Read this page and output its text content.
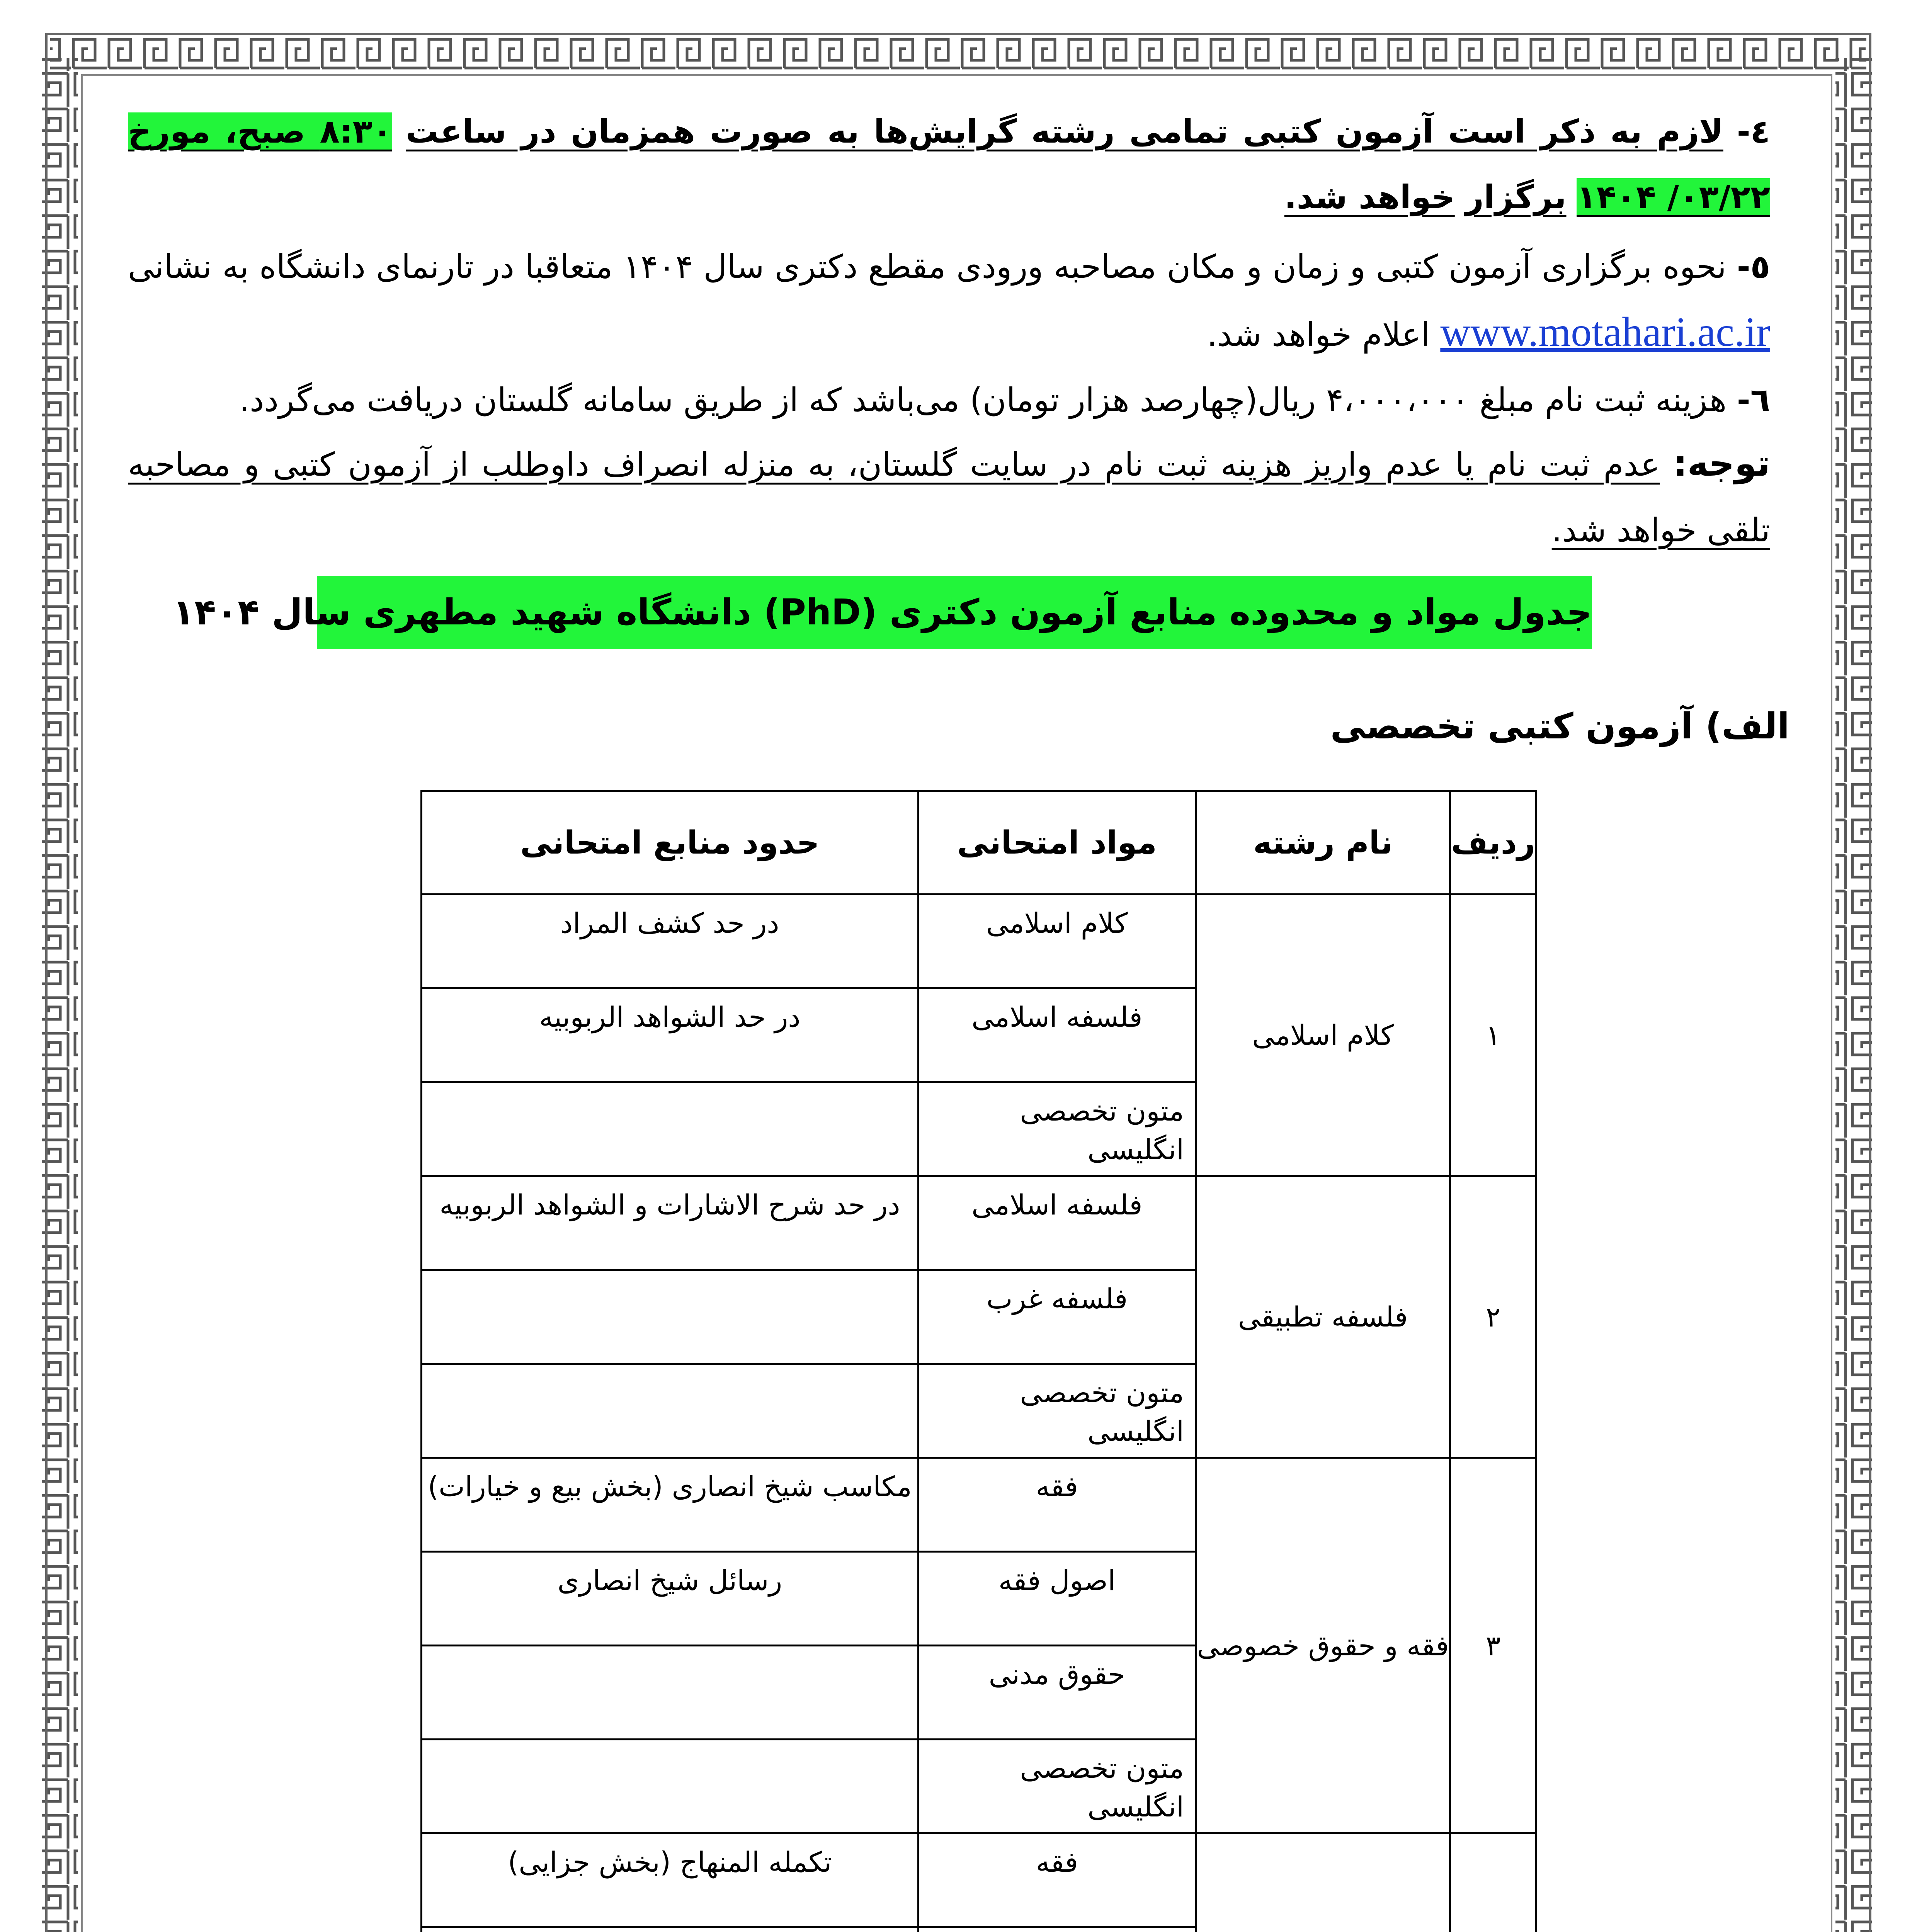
٤- لازم به ذکر است آزمون کتبی تمامی رشته گرایش‌ها به صورت همزمان در ساعت ۸:۳۰ صبح، مورخ ۰۳/۲۲/ ۱۴۰۴ برگزار خواهد شد.
٥- نحوه برگزاری آزمون کتبی و زمان و مکان مصاحبه ورودی مقطع دکتری سال ۱۴۰۴ متعاقبا در تارنمای دانشگاه به نشانی www.motahari.ac.ir اعلام خواهد شد.
٦- هزینه ثبت نام مبلغ ۴،۰۰۰،۰۰۰ ریال(چهارصد هزار تومان) می‌باشد که از طریق سامانه گلستان دریافت می‌گردد.
توجه: عدم ثبت نام یا عدم واریز هزینه ثبت نام در سایت گلستان، به منزله انصراف داوطلب از آزمون کتبی و مصاحبه تلقی خواهد شد.
جدول مواد و محدوده منابع آزمون دکتری (PhD) دانشگاه شهید مطهری سال ۱۴۰۴
الف) آزمون کتبی تخصصی
ردیف	نام رشته	مواد امتحانی	حدود منابع امتحانی
۱	کلام اسلامی	کلام اسلامی	در حد کشف المراد
		فلسفه اسلامی	در حد الشواهد الربوبیه
		متون تخصصی انگلیسی	
۲	فلسفه تطبیقی	فلسفه اسلامی	در حد شرح الاشارات و الشواهد الربوبیه
		فلسفه غرب	
		متون تخصصی انگلیسی	
۳	فقه و حقوق خصوصی	فقه	مکاسب شیخ انصاری (بخش بیع و خیارات)
		اصول فقه	رسائل شیخ انصاری
		حقوق مدنی	
		متون تخصصی انگلیسی	
		فقه	تکمله المنهاج (بخش جزایی)
